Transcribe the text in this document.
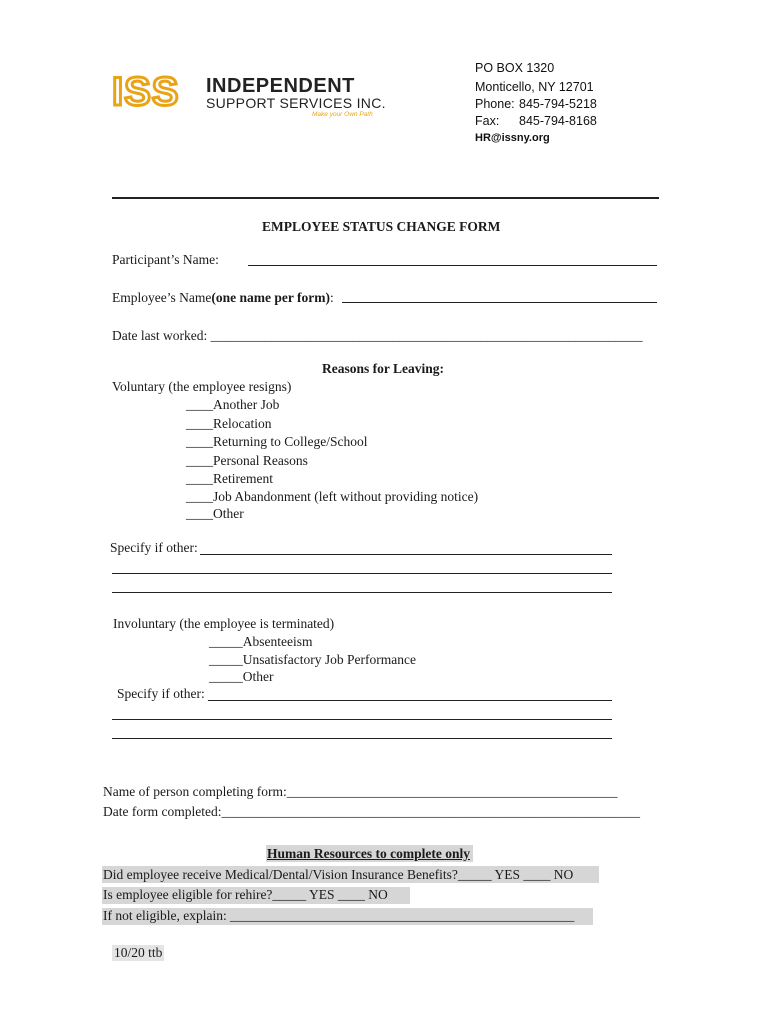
ISS INDEPENDENT
SUPPORT SERVICES INC.
Make your Own Path
PO BOX 1320
Monticello, NY 12701
Phone: 845-794-5218
Fax: 845-794-8168
HR@issny.org
EMPLOYEE STATUS CHANGE FORM
Participant’s Name:
Employee’s Name(one name per form):
Date last worked: ________________________________________________________________
Reasons for Leaving:
Voluntary (the employee resigns)
____Another Job
____Relocation
____Returning to College/School
____Personal Reasons
____Retirement
____Job Abandonment (left without providing notice)
____Other
Specify if other:
Involuntary (the employee is terminated)
_____Absenteeism
_____Unsatisfactory Job Performance
_____Other
Specify if other:
Name of person completing form:_________________________________________________
Date form completed:______________________________________________________________
Human Resources to complete only
Did employee receive Medical/Dental/Vision Insurance Benefits?_____ YES ____ NO
Is employee eligible for rehire?_____ YES ____ NO
If not eligible, explain: ___________________________________________________
10/20 ttb
